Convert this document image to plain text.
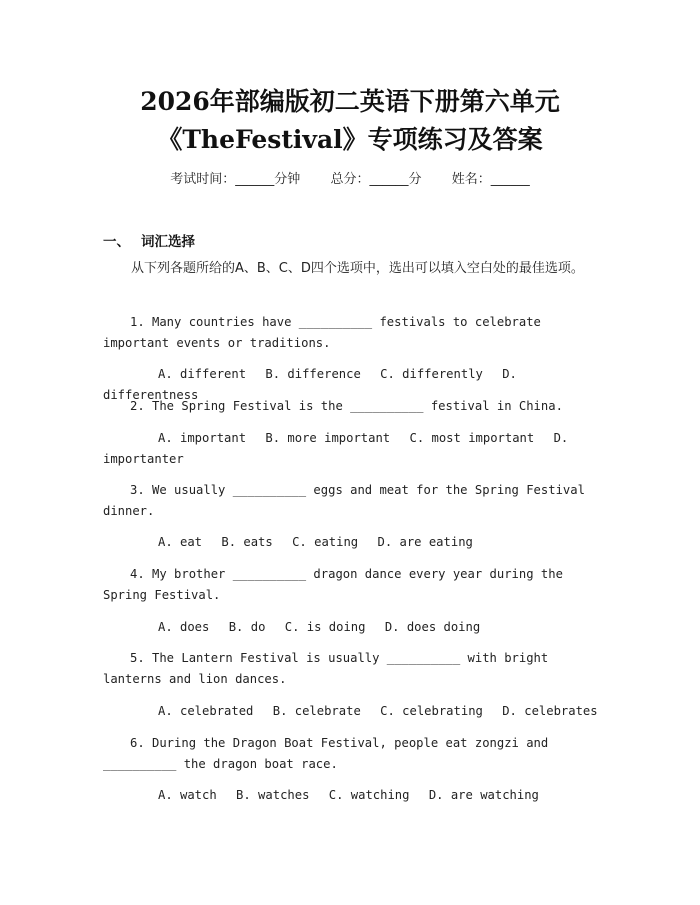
2026年部编版初二英语下册第六单元
《TheFestival》专项练习及答案
考试时间：______分钟 总分：______分 姓名：______
一、 词汇选择
从下列各题所给的A、B、C、D四个选项中，选出可以填入空白处的最佳选项。
1. Many countries have __________ festivals to celebrate important events or traditions.
A. different B. difference C. differently D. differentness
2. The Spring Festival is the __________ festival in China.
A. important B. more important C. most important D. importanter
3. We usually __________ eggs and meat for the Spring Festival dinner.
A. eat B. eats C. eating D. are eating
4. My brother __________ dragon dance every year during the Spring Festival.
A. does B. do C. is doing D. does doing
5. The Lantern Festival is usually __________ with bright lanterns and lion dances.
A. celebrated B. celebrate C. celebrating D. celebrates
6. During the Dragon Boat Festival, people eat zongzi and __________ the dragon boat race.
A. watch B. watches C. watching D. are watching
